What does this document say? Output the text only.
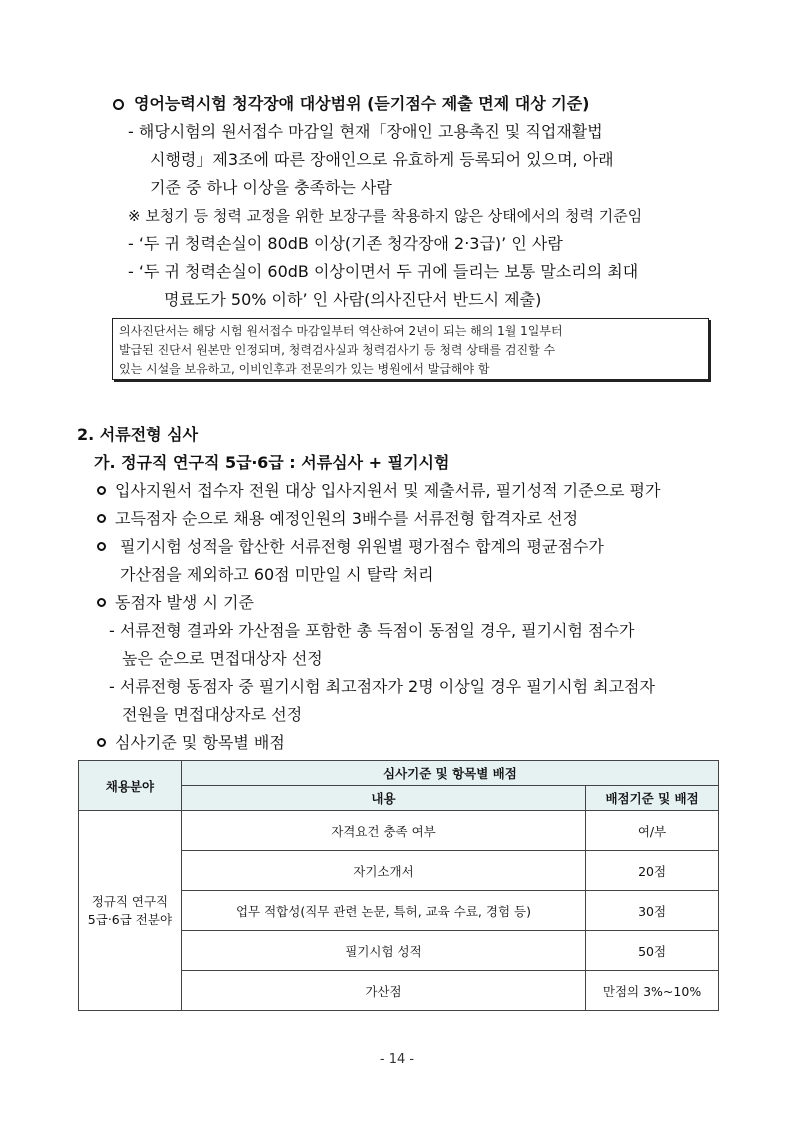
영어능력시험 청각장애 대상범위 (듣기점수 제출 면제 대상 기준)
- 해당시험의 원서접수 마감일 현재「장애인 고용촉진 및 직업재활법
시행령」제3조에 따른 장애인으로 유효하게 등록되어 있으며, 아래
기준 중 하나 이상을 충족하는 사람
※ 보청기 등 청력 교정을 위한 보장구를 착용하지 않은 상태에서의 청력 기준임
- ‘두 귀 청력손실이 80dB 이상(기존 청각장애 2‧3급)’ 인 사람
- ‘두 귀 청력손실이 60dB 이상이면서 두 귀에 들리는 보통 말소리의 최대
명료도가 50% 이하’ 인 사람(의사진단서 반드시 제출)
의사진단서는 해당 시험 원서접수 마감일부터 역산하여 2년이 되는 해의 1월 1일부터
발급된 진단서 원본만 인정되며, 청력검사실과 청력검사기 등 청력 상태를 검진할 수
있는 시설을 보유하고, 이비인후과 전문의가 있는 병원에서 발급해야 함
2. 서류전형 심사
가. 정규직 연구직 5급‧6급 : 서류심사 + 필기시험
입사지원서 접수자 전원 대상 입사지원서 및 제출서류, 필기성적 기준으로 평가
고득점자 순으로 채용 예정인원의 3배수를 서류전형 합격자로 선정
필기시험 성적을 합산한 서류전형 위원별 평가점수 합계의 평균점수가
가산점을 제외하고 60점 미만일 시 탈락 처리
동점자 발생 시 기준
- 서류전형 결과와 가산점을 포함한 총 득점이 동점일 경우, 필기시험 점수가
높은 순으로 면접대상자 선정
- 서류전형 동점자 중 필기시험 최고점자가 2명 이상일 경우 필기시험 최고점자
전원을 면접대상자로 선정
심사기준 및 항목별 배점
채용분야	심사기준 및 항목별 배점	
	내용	배점기준 및 배점
정규직 연구직
5급‧6급 전분야	자격요건 충족 여부	여/부
	자기소개서	20점
	업무 적합성(직무 관련 논문, 특허, 교육 수료, 경험 등)	30점
	필기시험 성적	50점
	가산점	만점의 3%~10%
- 14 -
